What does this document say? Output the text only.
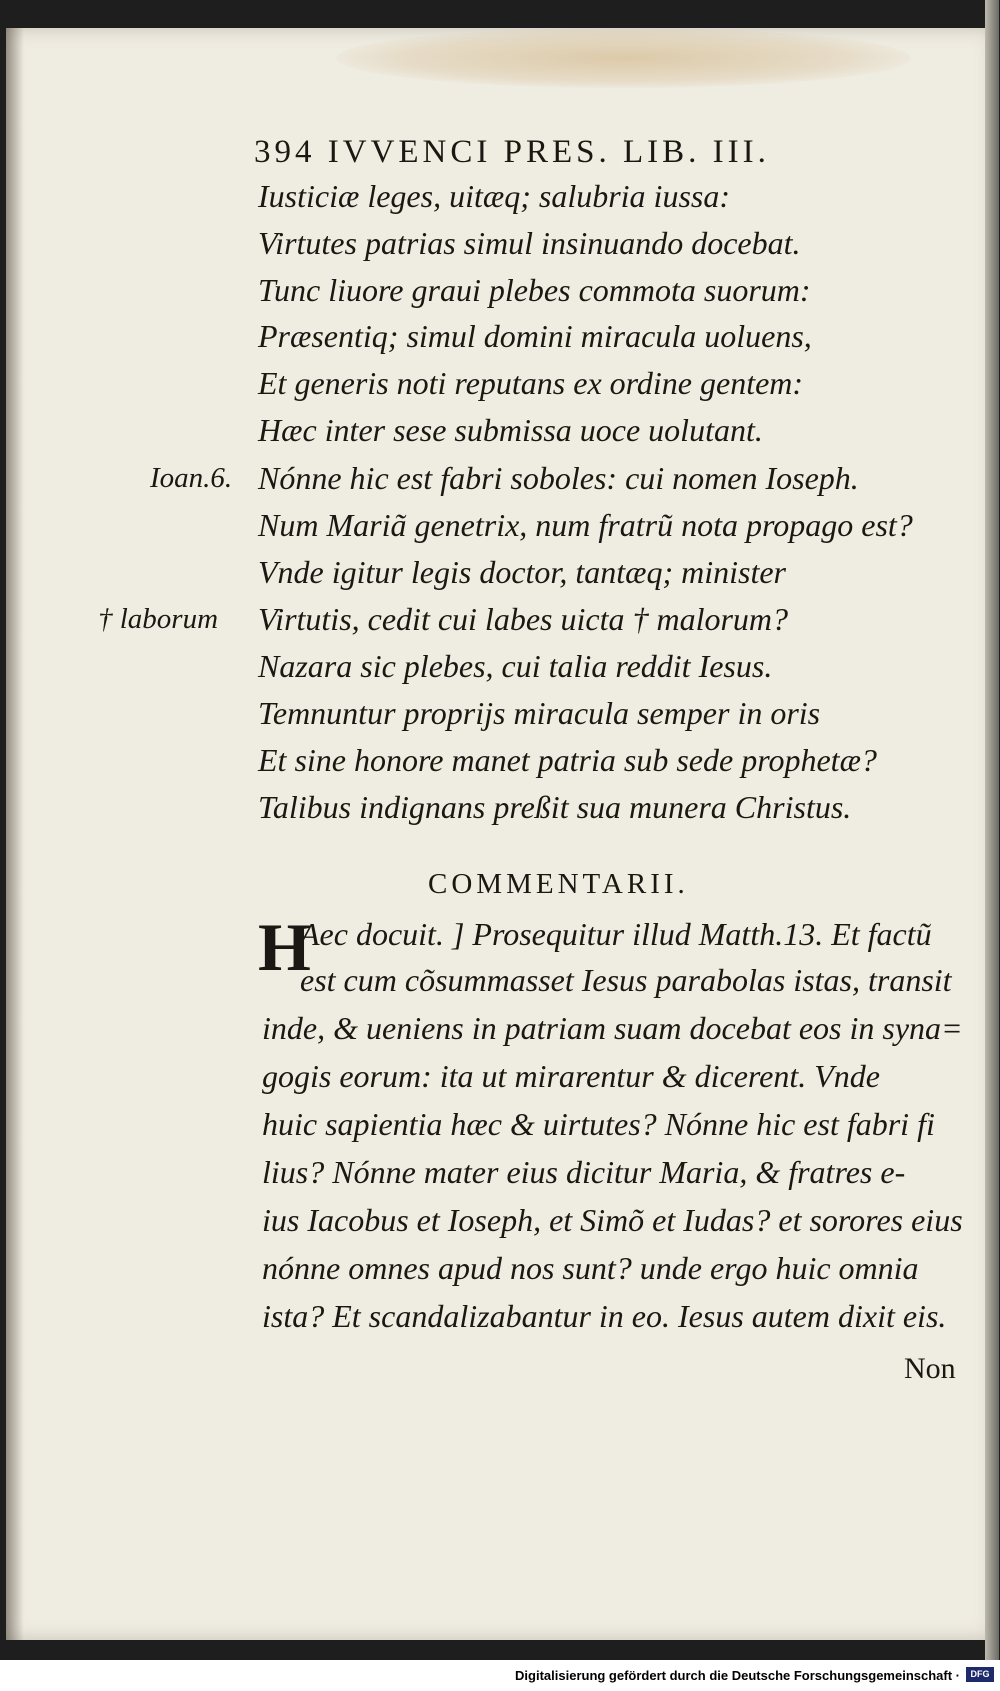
394 IVVENCI PRES. LIB. III.
Iusticiæ leges, uitæq; salubria iussa:
Virtutes patrias simul insinuando docebat.
Tunc liuore graui plebes commota suorum:
Præsentiq; simul domini miracula uoluens,
Et generis noti reputans ex ordine gentem:
Hæc inter sese submissa uoce uolutant.
Nónne hic est fabri soboles: cui nomen Ioseph.
Num Mariã genetrix, num fratrũ nota propago est?
Vnde igitur legis doctor, tantæq; minister
Virtutis, cedit cui labes uicta † malorum?
Nazara sic plebes, cui talia reddit Iesus.
Temnuntur proprijs miracula semper in oris
Et sine honore manet patria sub sede prophetæ?
Talibus indignans preßit sua munera Christus.
Ioan.6.
† laborum
COMMENTARII.
H
Aec docuit. ] Prosequitur illud Matth.13. Et factũ
est cum cõsummasset Iesus parabolas istas, transit
inde, & ueniens in patriam suam docebat eos in syna=
gogis eorum: ita ut mirarentur & dicerent. Vnde
huic sapientia hæc & uirtutes? Nónne hic est fabri fi
lius? Nónne mater eius dicitur Maria, & fratres e-
ius Iacobus et Ioseph, et Simõ et Iudas? et sorores eius
nónne omnes apud nos sunt? unde ergo huic omnia
ista? Et scandalizabantur in eo. Iesus autem dixit eis.
Non
Digitalisierung gefördert durch die Deutsche Forschungsgemeinschaft ·	DFG
